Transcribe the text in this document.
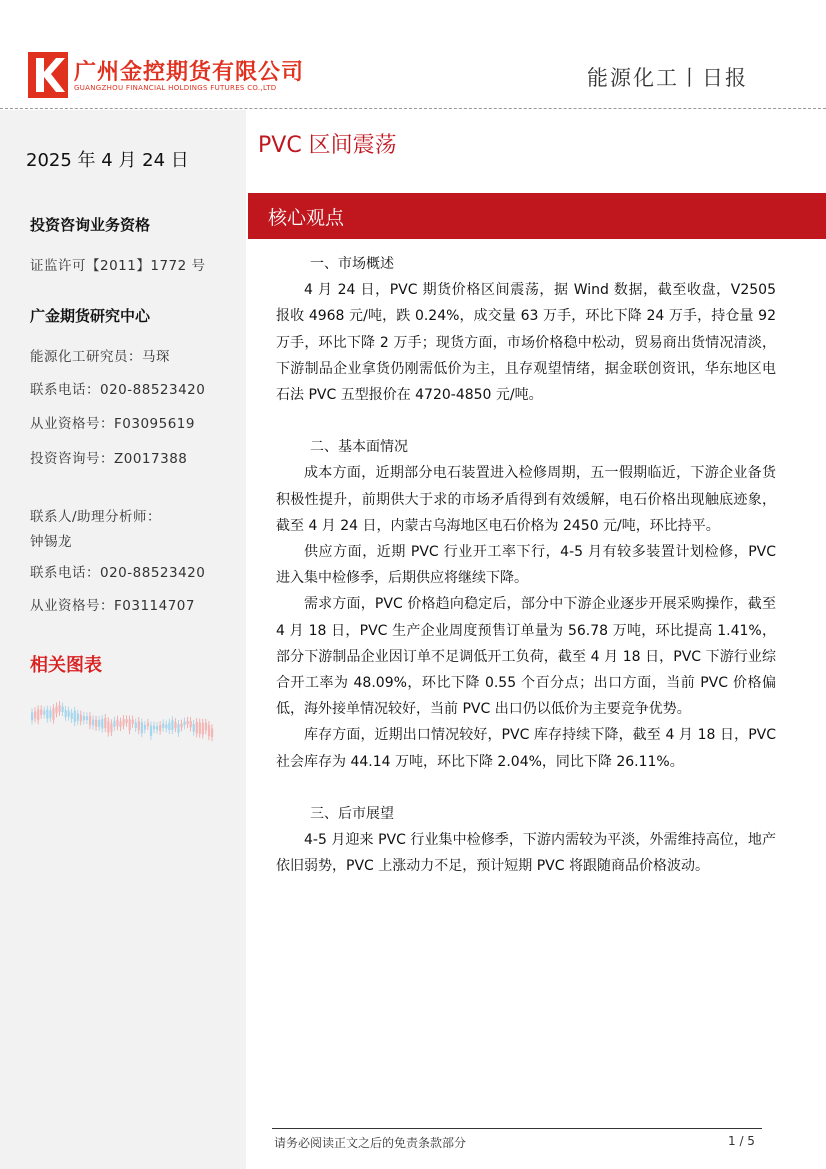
广州金控期货有限公司
GUANGZHOU FINANCIAL HOLDINGS FUTURES CO.,LTD	能源化工丨日报
2025 年 4 月 24 日
投资咨询业务资格
证监许可【2011】1772 号
广金期货研究中心
能源化工研究员：马琛
联系电话：020-88523420
从业资格号：F03095619
投资咨询号：Z0017388
联系人/助理分析师：
钟锡龙
联系电话：020-88523420
从业资格号：F03114707
相关图表
PVC 区间震荡
核心观点
一、市场概述
4 月 24 日，PVC 期货价格区间震荡，据 Wind 数据，截至收盘，V2505 报收 4968 元/吨，跌 0.24%，成交量 63 万手，环比下降 24 万手，持仓量 92 万手，环比下降 2 万手；现货方面，市场价格稳中松动，贸易商出货情况清淡，下游制品企业拿货仍刚需低价为主，且存观望情绪，据金联创资讯，华东地区电石法 PVC 五型报价在 4720-4850 元/吨。
二、基本面情况
成本方面，近期部分电石装置进入检修周期，五一假期临近，下游企业备货积极性提升，前期供大于求的市场矛盾得到有效缓解，电石价格出现触底迹象，截至 4 月 24 日，内蒙古乌海地区电石价格为 2450 元/吨，环比持平。
供应方面，近期 PVC 行业开工率下行，4-5 月有较多装置计划检修，PVC 进入集中检修季，后期供应将继续下降。
需求方面，PVC 价格趋向稳定后，部分中下游企业逐步开展采购操作，截至 4 月 18 日，PVC 生产企业周度预售订单量为 56.78 万吨，环比提高 1.41%，部分下游制品企业因订单不足调低开工负荷，截至 4 月 18 日，PVC 下游行业综合开工率为 48.09%，环比下降 0.55 个百分点；出口方面，当前 PVC 价格偏低，海外接单情况较好，当前 PVC 出口仍以低价为主要竞争优势。
库存方面，近期出口情况较好，PVC 库存持续下降，截至 4 月 18 日，PVC 社会库存为 44.14 万吨，环比下降 2.04%，同比下降 26.11%。
三、后市展望
4-5 月迎来 PVC 行业集中检修季，下游内需较为平淡，外需维持高位，地产依旧弱势，PVC 上涨动力不足，预计短期 PVC 将跟随商品价格波动。
请务必阅读正文之后的免责条款部分	1 / 5
